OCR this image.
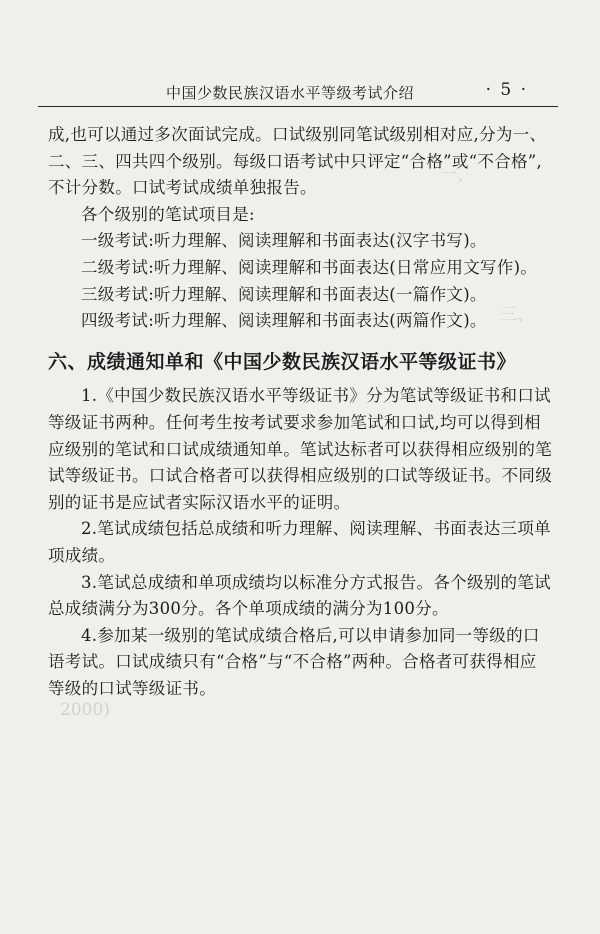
一、
三、
2000)
中国少数民族汉语水平等级考试介绍	· 5 ·

成,也可以通过多次面试完成。口试级别同笔试级别相对应,分为一、二、三、四共四个级别。每级口语考试中只评定“合格”或“不合格”,不计分数。口试考试成绩单独报告。

各个级别的笔试项目是:

一级考试:听力理解、阅读理解和书面表达(汉字书写)。

二级考试:听力理解、阅读理解和书面表达(日常应用文写作)。

三级考试:听力理解、阅读理解和书面表达(一篇作文)。

四级考试:听力理解、阅读理解和书面表达(两篇作文)。

六、成绩通知单和《中国少数民族汉语水平等级证书》

1.《中国少数民族汉语水平等级证书》分为笔试等级证书和口试等级证书两种。任何考生按考试要求参加笔试和口试,均可以得到相应级别的笔试和口试成绩通知单。笔试达标者可以获得相应级别的笔试等级证书。口试合格者可以获得相应级别的口试等级证书。不同级别的证书是应试者实际汉语水平的证明。

2.笔试成绩包括总成绩和听力理解、阅读理解、书面表达三项单项成绩。

3.笔试总成绩和单项成绩均以标准分方式报告。各个级别的笔试总成绩满分为300分。各个单项成绩的满分为100分。

4.参加某一级别的笔试成绩合格后,可以申请参加同一等级的口语考试。口试成绩只有“合格”与“不合格”两种。合格者可获得相应等级的口试等级证书。
